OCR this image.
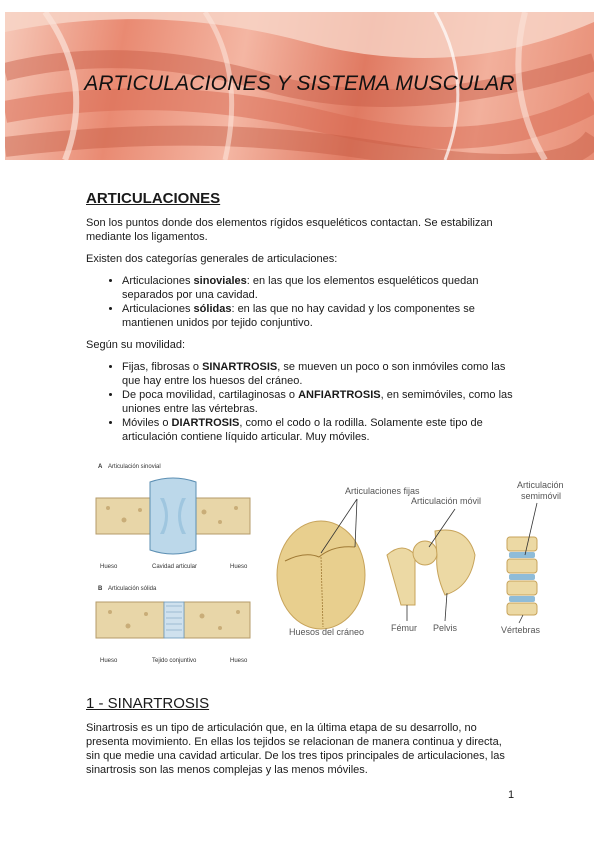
ARTICULACIONES Y SISTEMA MUSCULAR
ARTICULACIONES

Son los puntos donde dos elementos rígidos esqueléticos contactan. Se estabilizan mediante los ligamentos.

Existen dos categorías generales de articulaciones:

• Articulaciones sinoviales: en las que los elementos esqueléticos quedan separados por una cavidad.
• Articulaciones sólidas: en las que no hay cavidad y los componentes se mantienen unidos por tejido conjuntivo.

Según su movilidad:

• Fijas, fibrosas o SINARTROSIS, se mueven un poco o son inmóviles como las que hay entre los huesos del cráneo.
• De poca movilidad, cartilaginosas o ANFIARTROSIS, en semimóviles, como las uniones entre las vértebras.
• Móviles o DIARTROSIS, como el codo o la rodilla. Solamente este tipo de articulación contiene líquido articular. Muy móviles.
A Articulación sinovial
Hueso	Cavidad articular	Hueso
B Articulación sólida
Hueso	Tejido conjuntivo	Hueso
Articulaciones fijas
Huesos del cráneo
Articulación móvil
Fémur Pelvis
Articulación
semimóvil
Vértebras
1 - SINARTROSIS

Sinartrosis es un tipo de articulación que, en la última etapa de su desarrollo, no presenta movimiento. En ellas los tejidos se relacionan de manera continua y directa, sin que medie una cavidad articular. De los tres tipos principales de articulaciones, las sinartrosis son las menos complejas y las menos móviles.

1
